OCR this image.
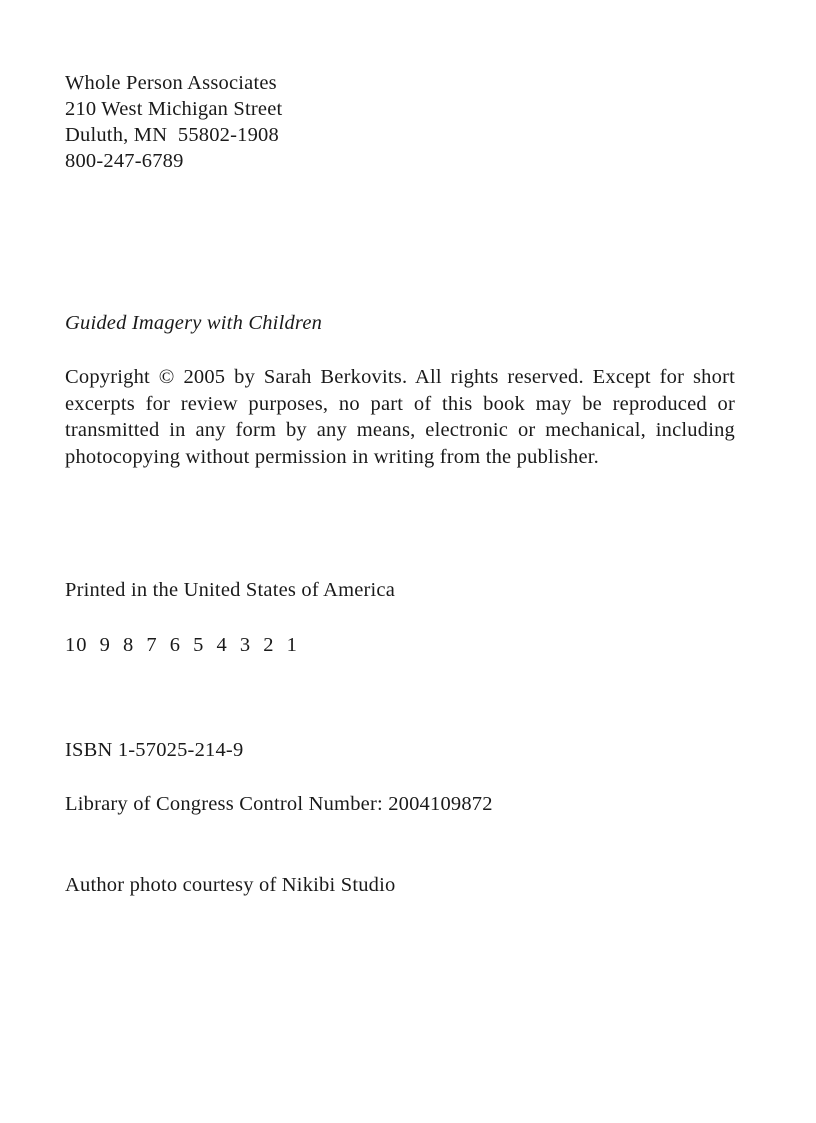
Whole Person Associates
210 West Michigan Street
Duluth, MN  55802-1908
800-247-6789
Guided Imagery with Children
Copyright © 2005 by Sarah Berkovits. All rights reserved. Except for short excerpts for review purposes, no part of this book may be reproduced or transmitted in any form by any means, electronic or mechanical, including photocopying without permission in writing from the publisher.
Printed in the United States of America
10 9 8 7 6 5 4 3 2 1
ISBN 1-57025-214-9
Library of Congress Control Number: 2004109872
Author photo courtesy of Nikibi Studio
